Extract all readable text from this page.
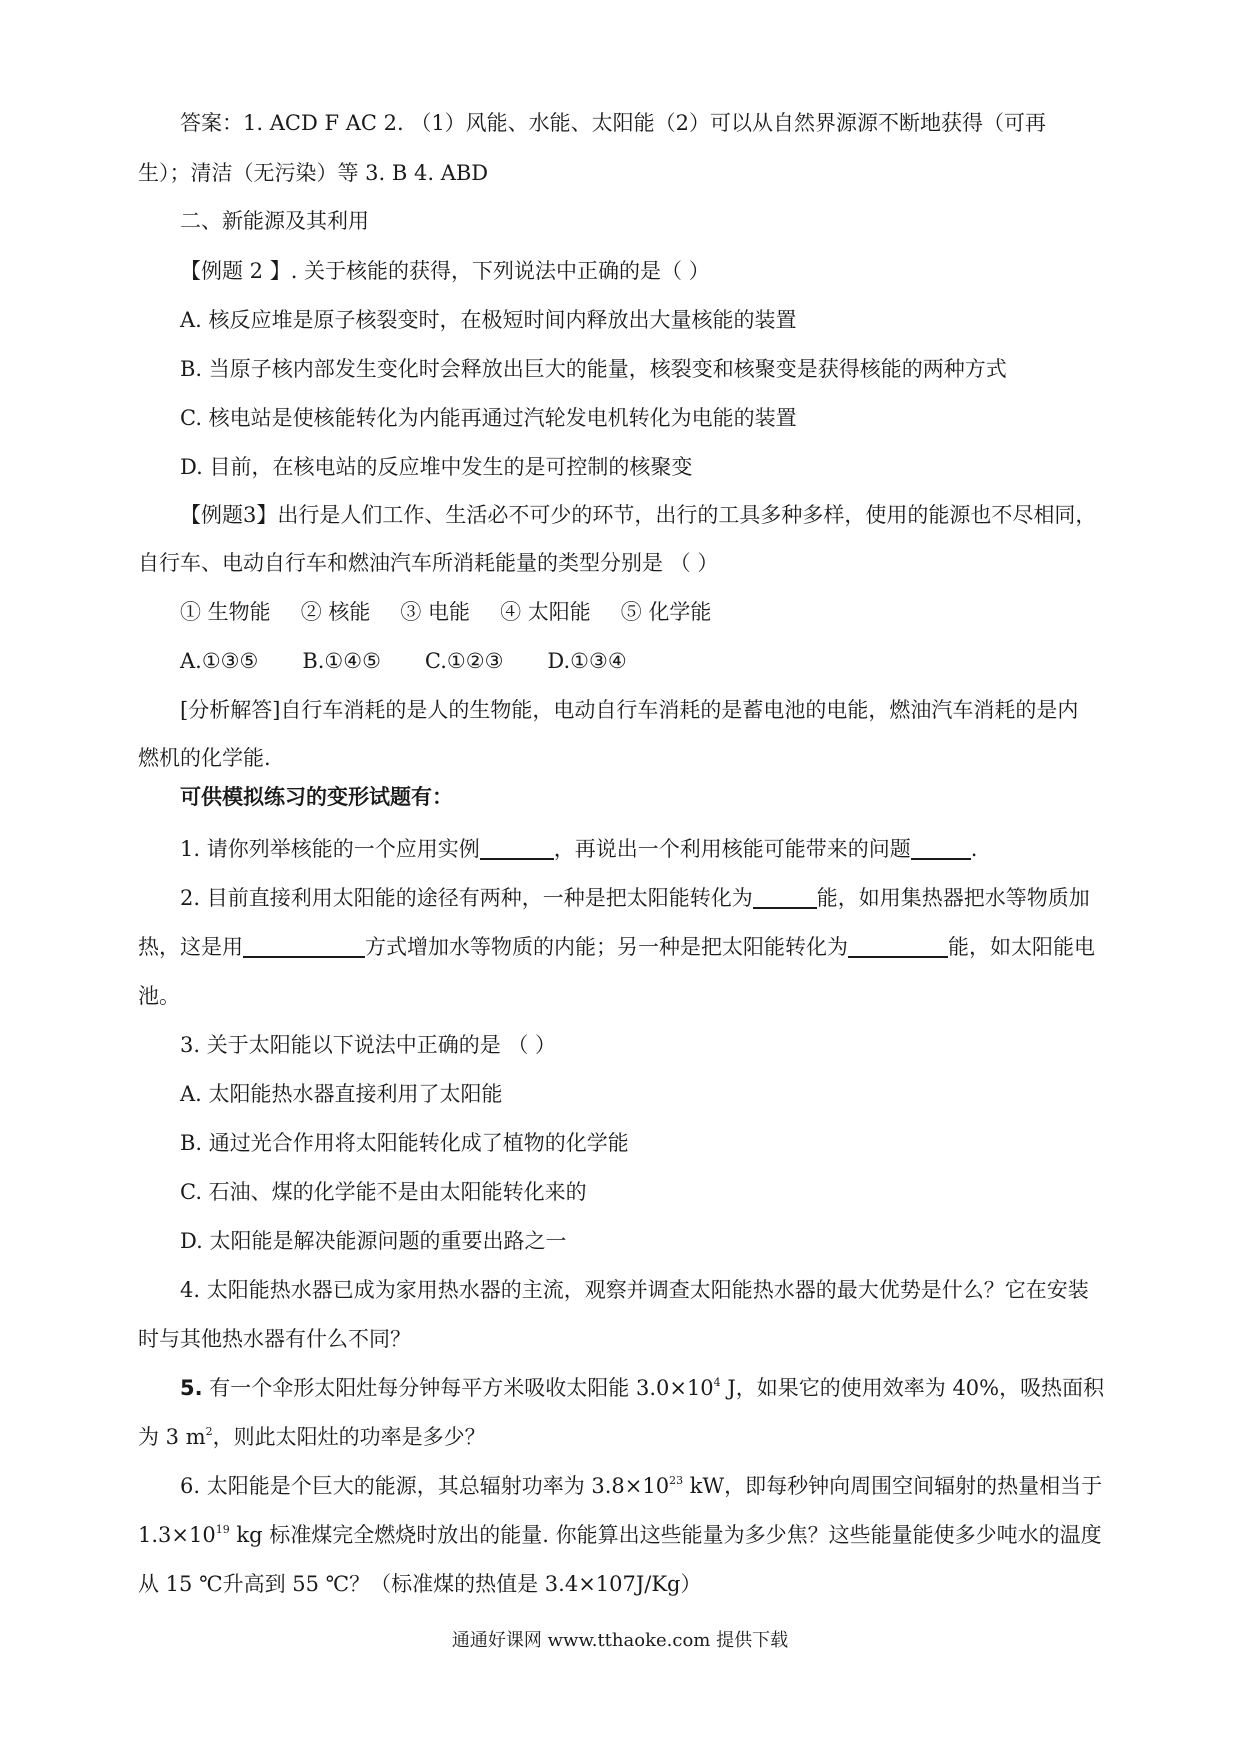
答案：1. ACD F AC 2. （1）风能、水能、太阳能（2）可以从自然界源源不断地获得（可再
生）；清洁（无污染）等 3. B 4. ABD
二、新能源及其利用
【例题 2 】. 关于核能的获得，下列说法中正确的是（ ）
A. 核反应堆是原子核裂变时，在极短时间内释放出大量核能的装置
B. 当原子核内部发生变化时会释放出巨大的能量，核裂变和核聚变是获得核能的两种方式
C. 核电站是使核能转化为内能再通过汽轮发电机转化为电能的装置
D. 目前，在核电站的反应堆中发生的是可控制的核聚变
【例题3】出行是人们工作、生活必不可少的环节，出行的工具多种多样，使用的能源也不尽相同，
自行车、电动自行车和燃油汽车所消耗能量的类型分别是 （ ）
① 生物能 ② 核能 ③ 电能 ④ 太阳能 ⑤ 化学能
A.①③⑤ B.①④⑤ C.①②③ D.①③④
[分析解答]自行车消耗的是人的生物能，电动自行车消耗的是蓄电池的电能，燃油汽车消耗的是内
燃机的化学能.
可供模拟练习的变形试题有：
1. 请你列举核能的一个应用实例	，再说出一个利用核能可能带来的问题	.
2. 目前直接利用太阳能的途径有两种，一种是把太阳能转化为	能，如用集热器把水等物质加
热，这是用	方式增加水等物质的内能；另一种是把太阳能转化为	能，如太阳能电
池。
3. 关于太阳能以下说法中正确的是 （ ）
A. 太阳能热水器直接利用了太阳能
B. 通过光合作用将太阳能转化成了植物的化学能
C. 石油、煤的化学能不是由太阳能转化来的
D. 太阳能是解决能源问题的重要出路之一
4. 太阳能热水器已成为家用热水器的主流，观察并调查太阳能热水器的最大优势是什么？它在安装
时与其他热水器有什么不同？
5. 有一个伞形太阳灶每分钟每平方米吸收太阳能 $3.0\times 10^4$ J，如果它的使用效率为 40%，吸热面积
为 3 $m^2$，则此太阳灶的功率是多少？
6. 太阳能是个巨大的能源，其总辐射功率为 $3.8\times 10^{23}$ kW，即每秒钟向周围空间辐射的热量相当于
$1.3\times 10^{19}$ kg 标准煤完全燃烧时放出的能量. 你能算出这些能量为多少焦？这些能量能使多少吨水的温度
从 15 ℃升高到 55 ℃？（标准煤的热值是 3.4×107J/Kg）
通通好课网 www.tthaoke.com 提供下载
